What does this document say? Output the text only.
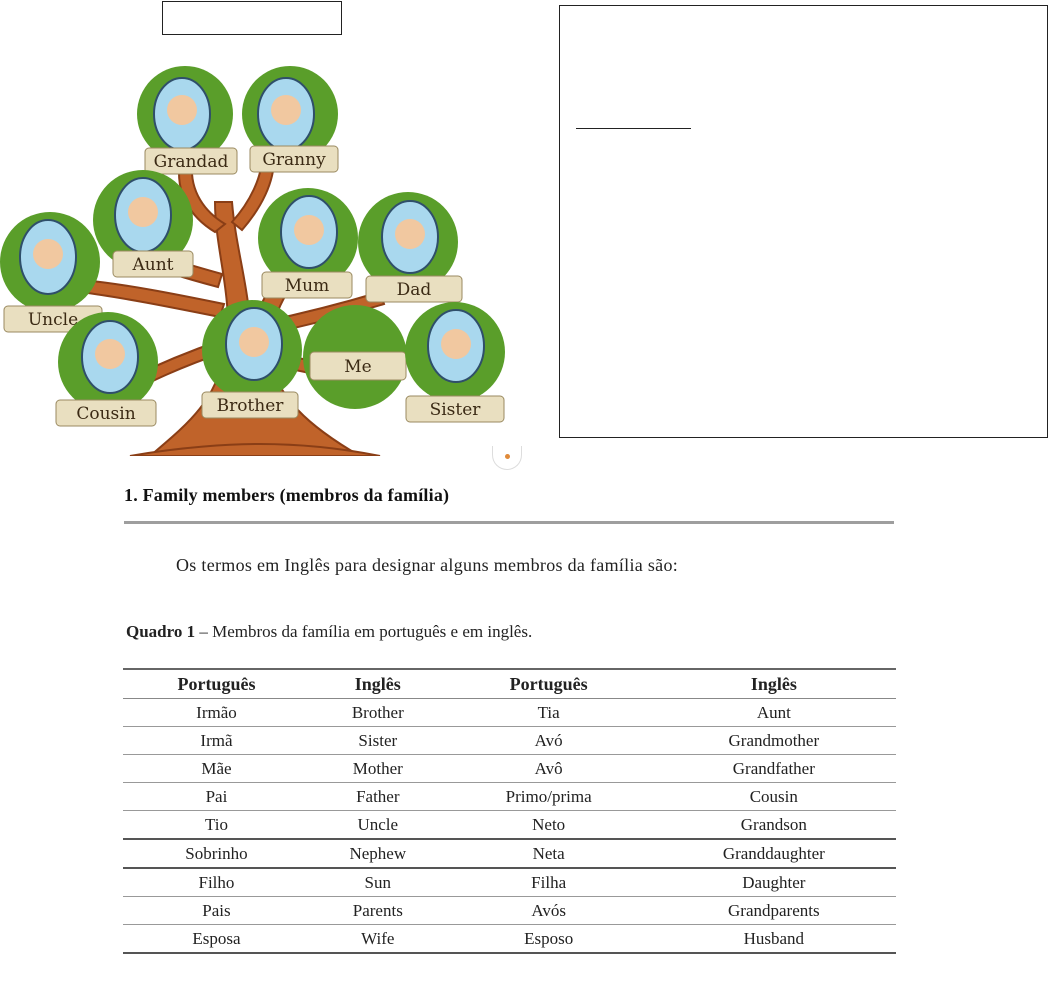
Grandad Granny
Aunt
Mum	Dad
Uncle
Brother
Me
Sister
Cousin
1. Family members (membros da família)

Os termos em Inglês para designar alguns membros da família são:

Quadro 1 – Membros da família em português e em inglês.

Português	Inglês	Português	Inglês
Irmão	Brother	Tia	Aunt
Irmã	Sister	Avó	Grandmother
Mãe	Mother	Avô	Grandfather
Pai	Father	Primo/prima	Cousin
Tio	Uncle	Neto	Grandson
Sobrinho	Nephew	Neta	Granddaughter
Filho	Sun	Filha	Daughter
Pais	Parents	Avós	Grandparents
Esposa	Wife	Esposo	Husband
